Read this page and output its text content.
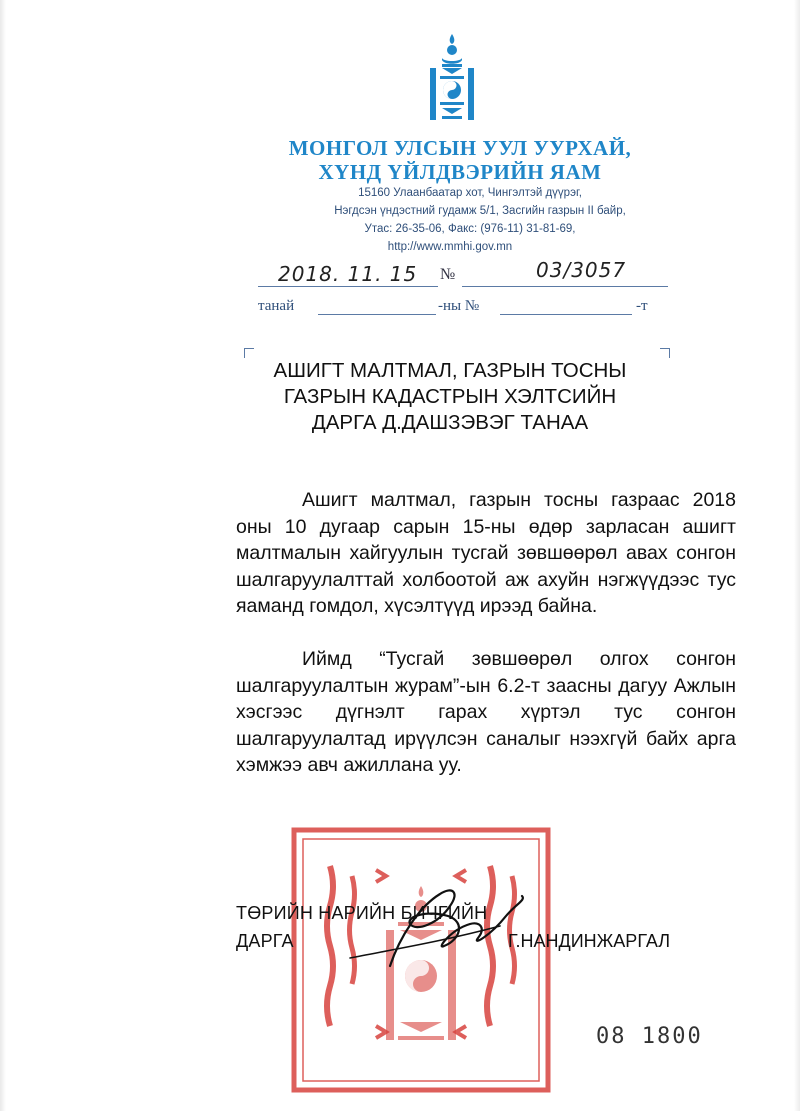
МОНГОЛ УЛСЫН УУЛ УУРХАЙ,
ХҮНД ҮЙЛДВЭРИЙН ЯАМ
15160 Улаанбаатар хот, Чингэлтэй дүүрэг,
Нэгдсэн үндэстний гудамж 5/1, Засгийн газрын II байр,
Утас: 26-35-06, Факс: (976-11) 31-81-69,
http://www.mmhi.gov.mn
2018. 11. 15	№	03/3057
танай	-ны №	-т
АШИГТ МАЛТМАЛ, ГАЗРЫН ТОСНЫ
ГАЗРЫН КАДАСТРЫН ХЭЛТСИЙН
ДАРГА Д.ДАШЗЭВЭГ ТАНАА

Ашигт малтмал, газрын тосны газраас 2018 оны 10 дугаар сарын 15-ны өдөр зарласан ашигт малтмалын хайгуулын тусгай зөвшөөрөл авах сонгон шалгаруулалттай холбоотой аж ахуйн нэгжүүдээс тус яаманд гомдол, хүсэлтүүд ирээд байна.

Иймд “Тусгай зөвшөөрөл олгох сонгон шалгаруулалтын журам”-ын 6.2-т заасны дагуу Ажлын хэсгээс дүгнэлт гарах хүртэл тус сонгон шалгаруулалтад ирүүлсэн саналыг нээхгүй байх арга хэмжээ авч ажиллана уу.

ТӨРИЙН НАРИЙН БИЧГИЙН
ДАРГА	Г.НАНДИНЖАРГАЛ
08 1800
